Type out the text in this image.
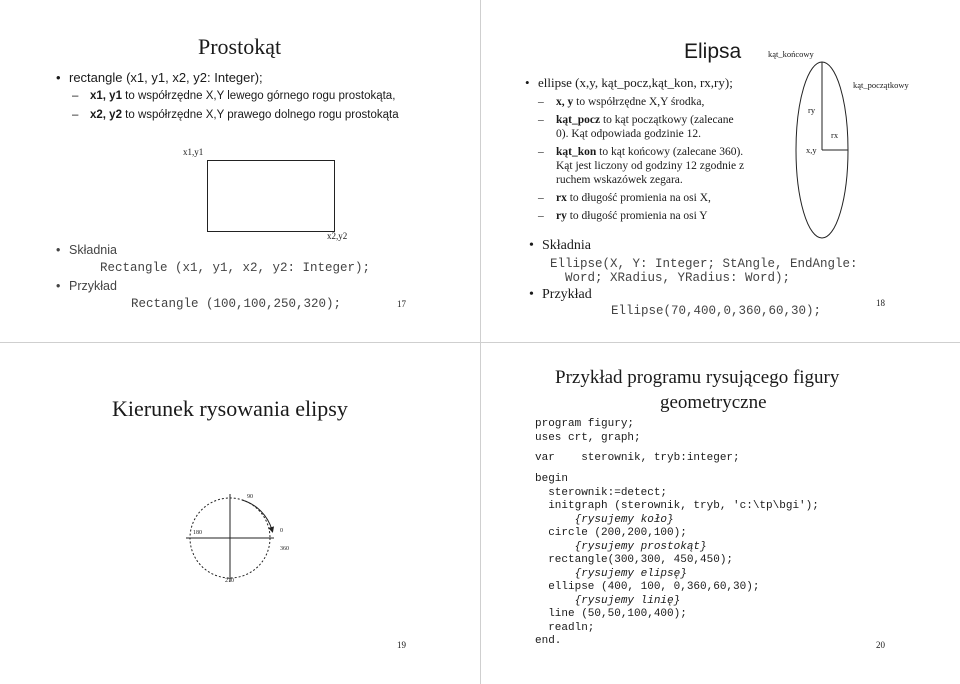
Prostokąt
• rectangle (x1, y1, x2, y2: Integer);
– x1, y1 to współrzędne X,Y lewego górnego rogu prostokąta,
– x2, y2 to współrzędne X,Y prawego dolnego rogu prostokąta
x1,y1
x2,y2
• Składnia
Rectangle (x1, y1, x2, y2: Integer);
• Przykład
Rectangle (100,100,250,320);	17
Elipsa
• ellipse (x,y, kąt_pocz,kąt_kon, rx,ry);
– x, y to współrzędne X,Y środka,
– kąt_pocz to kąt początkowy (zalecane
0). Kąt odpowiada godzinie 12.
– kąt_kon to kąt końcowy (zalecane 360).
Kąt jest liczony od godziny 12 zgodnie z
ruchem wskazówek zegara.
– rx to długość promienia na osi X,
– ry to długość promienia na osi Y
kąt_końcowy
kąt_początkowy
ry
rx
x,y
• Składnia
Ellipse(X, Y: Integer; StAngle, EndAngle:
Word; XRadius, YRadius: Word);
• Przykład
Ellipse(70,400,0,360,60,30);
18
Kierunek rysowania elipsy
90
180	0
360
270
19
Przykład programu rysującego figury
geometryczne
program figury;
uses crt, graph;
var    sterownik, tryb:integer;
begin
sterownik:=detect;
initgraph (sterownik, tryb, 'c:\tp\bgi');
{rysujemy koło}
circle (200,200,100);
{rysujemy prostokąt}
rectangle(300,300, 450,450);
{rysujemy elipsę}
ellipse (400, 100, 0,360,60,30);
{rysujemy linię}
line (50,50,100,400);
readln;
end.	20
